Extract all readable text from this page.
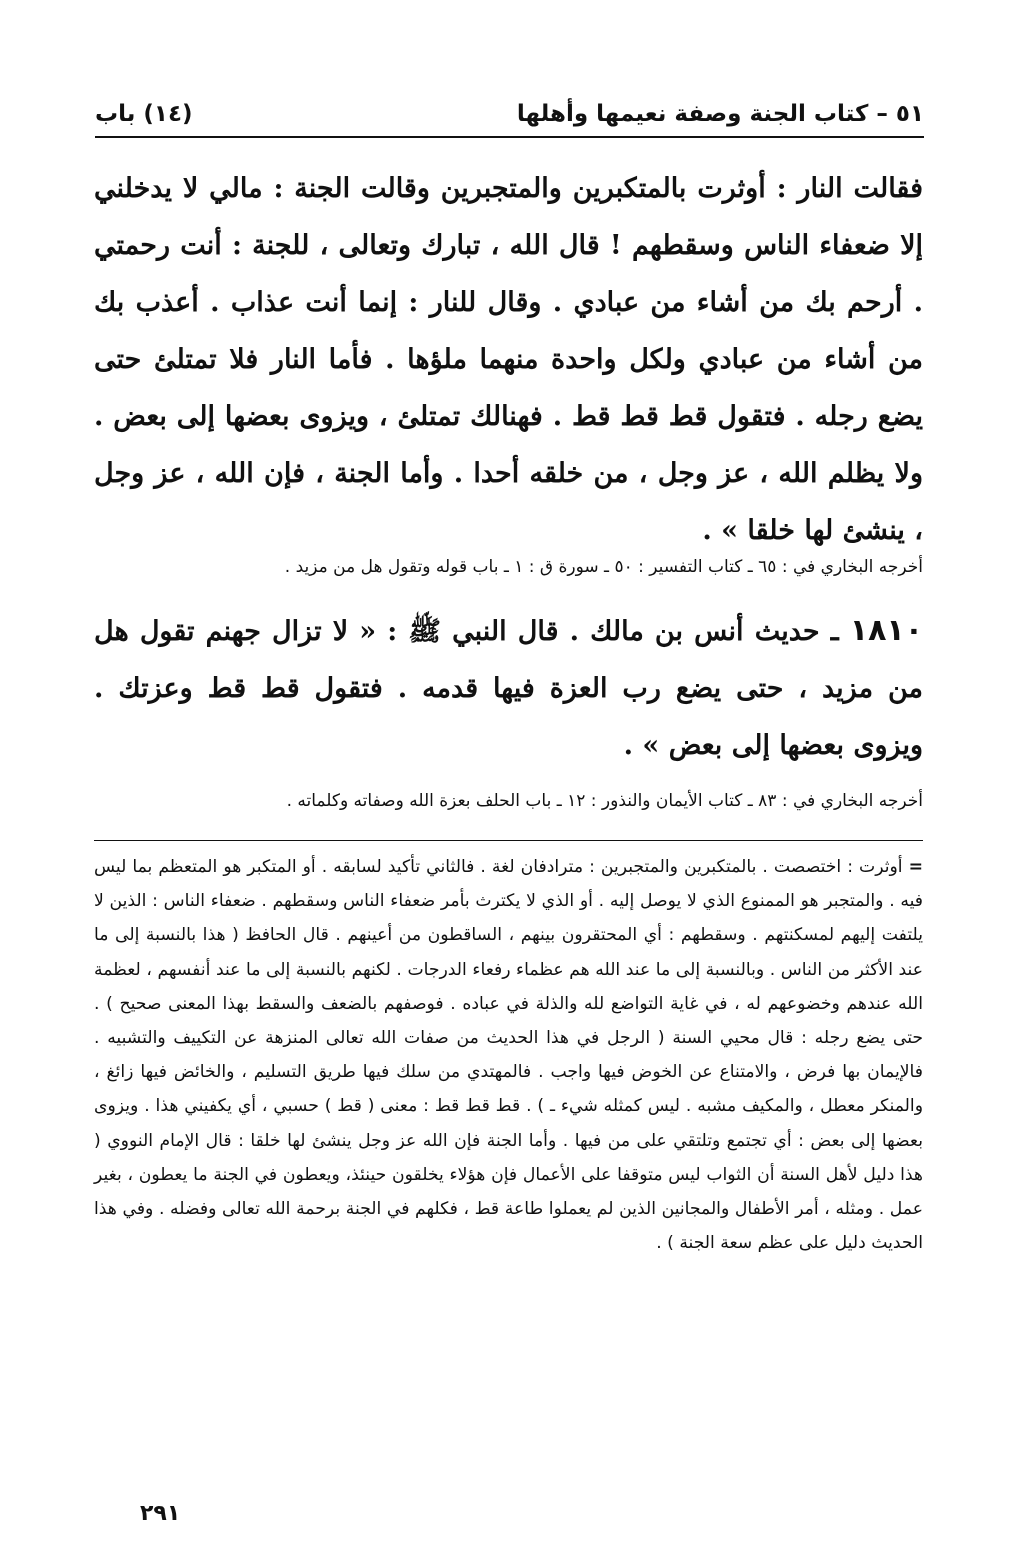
٥١ – كتاب الجنة وصفة نعيمها وأهلها
(١٤) باب
فقالت النار : أوثرت بالمتكبرين والمتجبرين وقالت الجنة : مالي لا يدخلني إلا ضعفاء الناس وسقطهم ! قال الله ، تبارك وتعالى ، للجنة : أنت رحمتي . أرحم بك من أشاء من عبادي . وقال للنار : إنما أنت عذاب . أعذب بك من أشاء من عبادي ولكل واحدة منهما ملؤها . فأما النار فلا تمتلئ حتى يضع رجله . فتقول قط قط قط . فهنالك تمتلئ ، ويزوى بعضها إلى بعض . ولا يظلم الله ، عز وجل ، من خلقه أحدا . وأما الجنة ، فإن الله ، عز وجل ، ينشئ لها خلقا » .
أخرجه البخاري في : ٦٥ ـ كتاب التفسير : ٥٠ ـ سورة ق : ١ ـ باب قوله وتقول هل من مزيد .
١٨١٠ ـ حديث أنس بن مالك . قال النبي ﷺ : « لا تزال جهنم تقول هل من مزيد ، حتى يضع رب العزة فيها قدمه . فتقول قط قط وعزتك . ويزوى بعضها إلى بعض » .
أخرجه البخاري في : ٨٣ ـ كتاب الأيمان والنذور : ١٢ ـ باب الحلف بعزة الله وصفاته وكلماته .
= أوثرت : اختصصت . بالمتكبرين والمتجبرين : مترادفان لغة . فالثاني تأكيد لسابقه . أو المتكبر هو المتعظم بما ليس فيه . والمتجبر هو الممنوع الذي لا يوصل إليه . أو الذي لا يكترث بأمر ضعفاء الناس وسقطهم . ضعفاء الناس : الذين لا يلتفت إليهم لمسكنتهم . وسقطهم : أي المحتقرون بينهم ، الساقطون من أعينهم . قال الحافظ ( هذا بالنسبة إلى ما عند الأكثر من الناس . وبالنسبة إلى ما عند الله هم عظماء رفعاء الدرجات . لكنهم بالنسبة إلى ما عند أنفسهم ، لعظمة الله عندهم وخضوعهم له ، في غاية التواضع لله والذلة في عباده . فوصفهم بالضعف والسقط بهذا المعنى صحيح ) . حتى يضع رجله : قال محيي السنة ( الرجل في هذا الحديث من صفات الله تعالى المنزهة عن التكييف والتشبيه . فالإيمان بها فرض ، والامتناع عن الخوض فيها واجب . فالمهتدي من سلك فيها طريق التسليم ، والخائض فيها زائغ ، والمنكر معطل ، والمكيف مشبه . ليس كمثله شيء ـ ) . قط قط قط : معنى ( قط ) حسبي ، أي يكفيني هذا . ويزوى بعضها إلى بعض : أي تجتمع وتلتقي على من فيها . وأما الجنة فإن الله عز وجل ينشئ لها خلقا : قال الإمام النووي ( هذا دليل لأهل السنة أن الثواب ليس متوقفا على الأعمال فإن هؤلاء يخلقون حينئذ، ويعطون في الجنة ما يعطون ، بغير عمل . ومثله ، أمر الأطفال والمجانين الذين لم يعملوا طاعة قط ، فكلهم في الجنة برحمة الله تعالى وفضله . وفي هذا الحديث دليل على عظم سعة الجنة ) .
٢٩١
